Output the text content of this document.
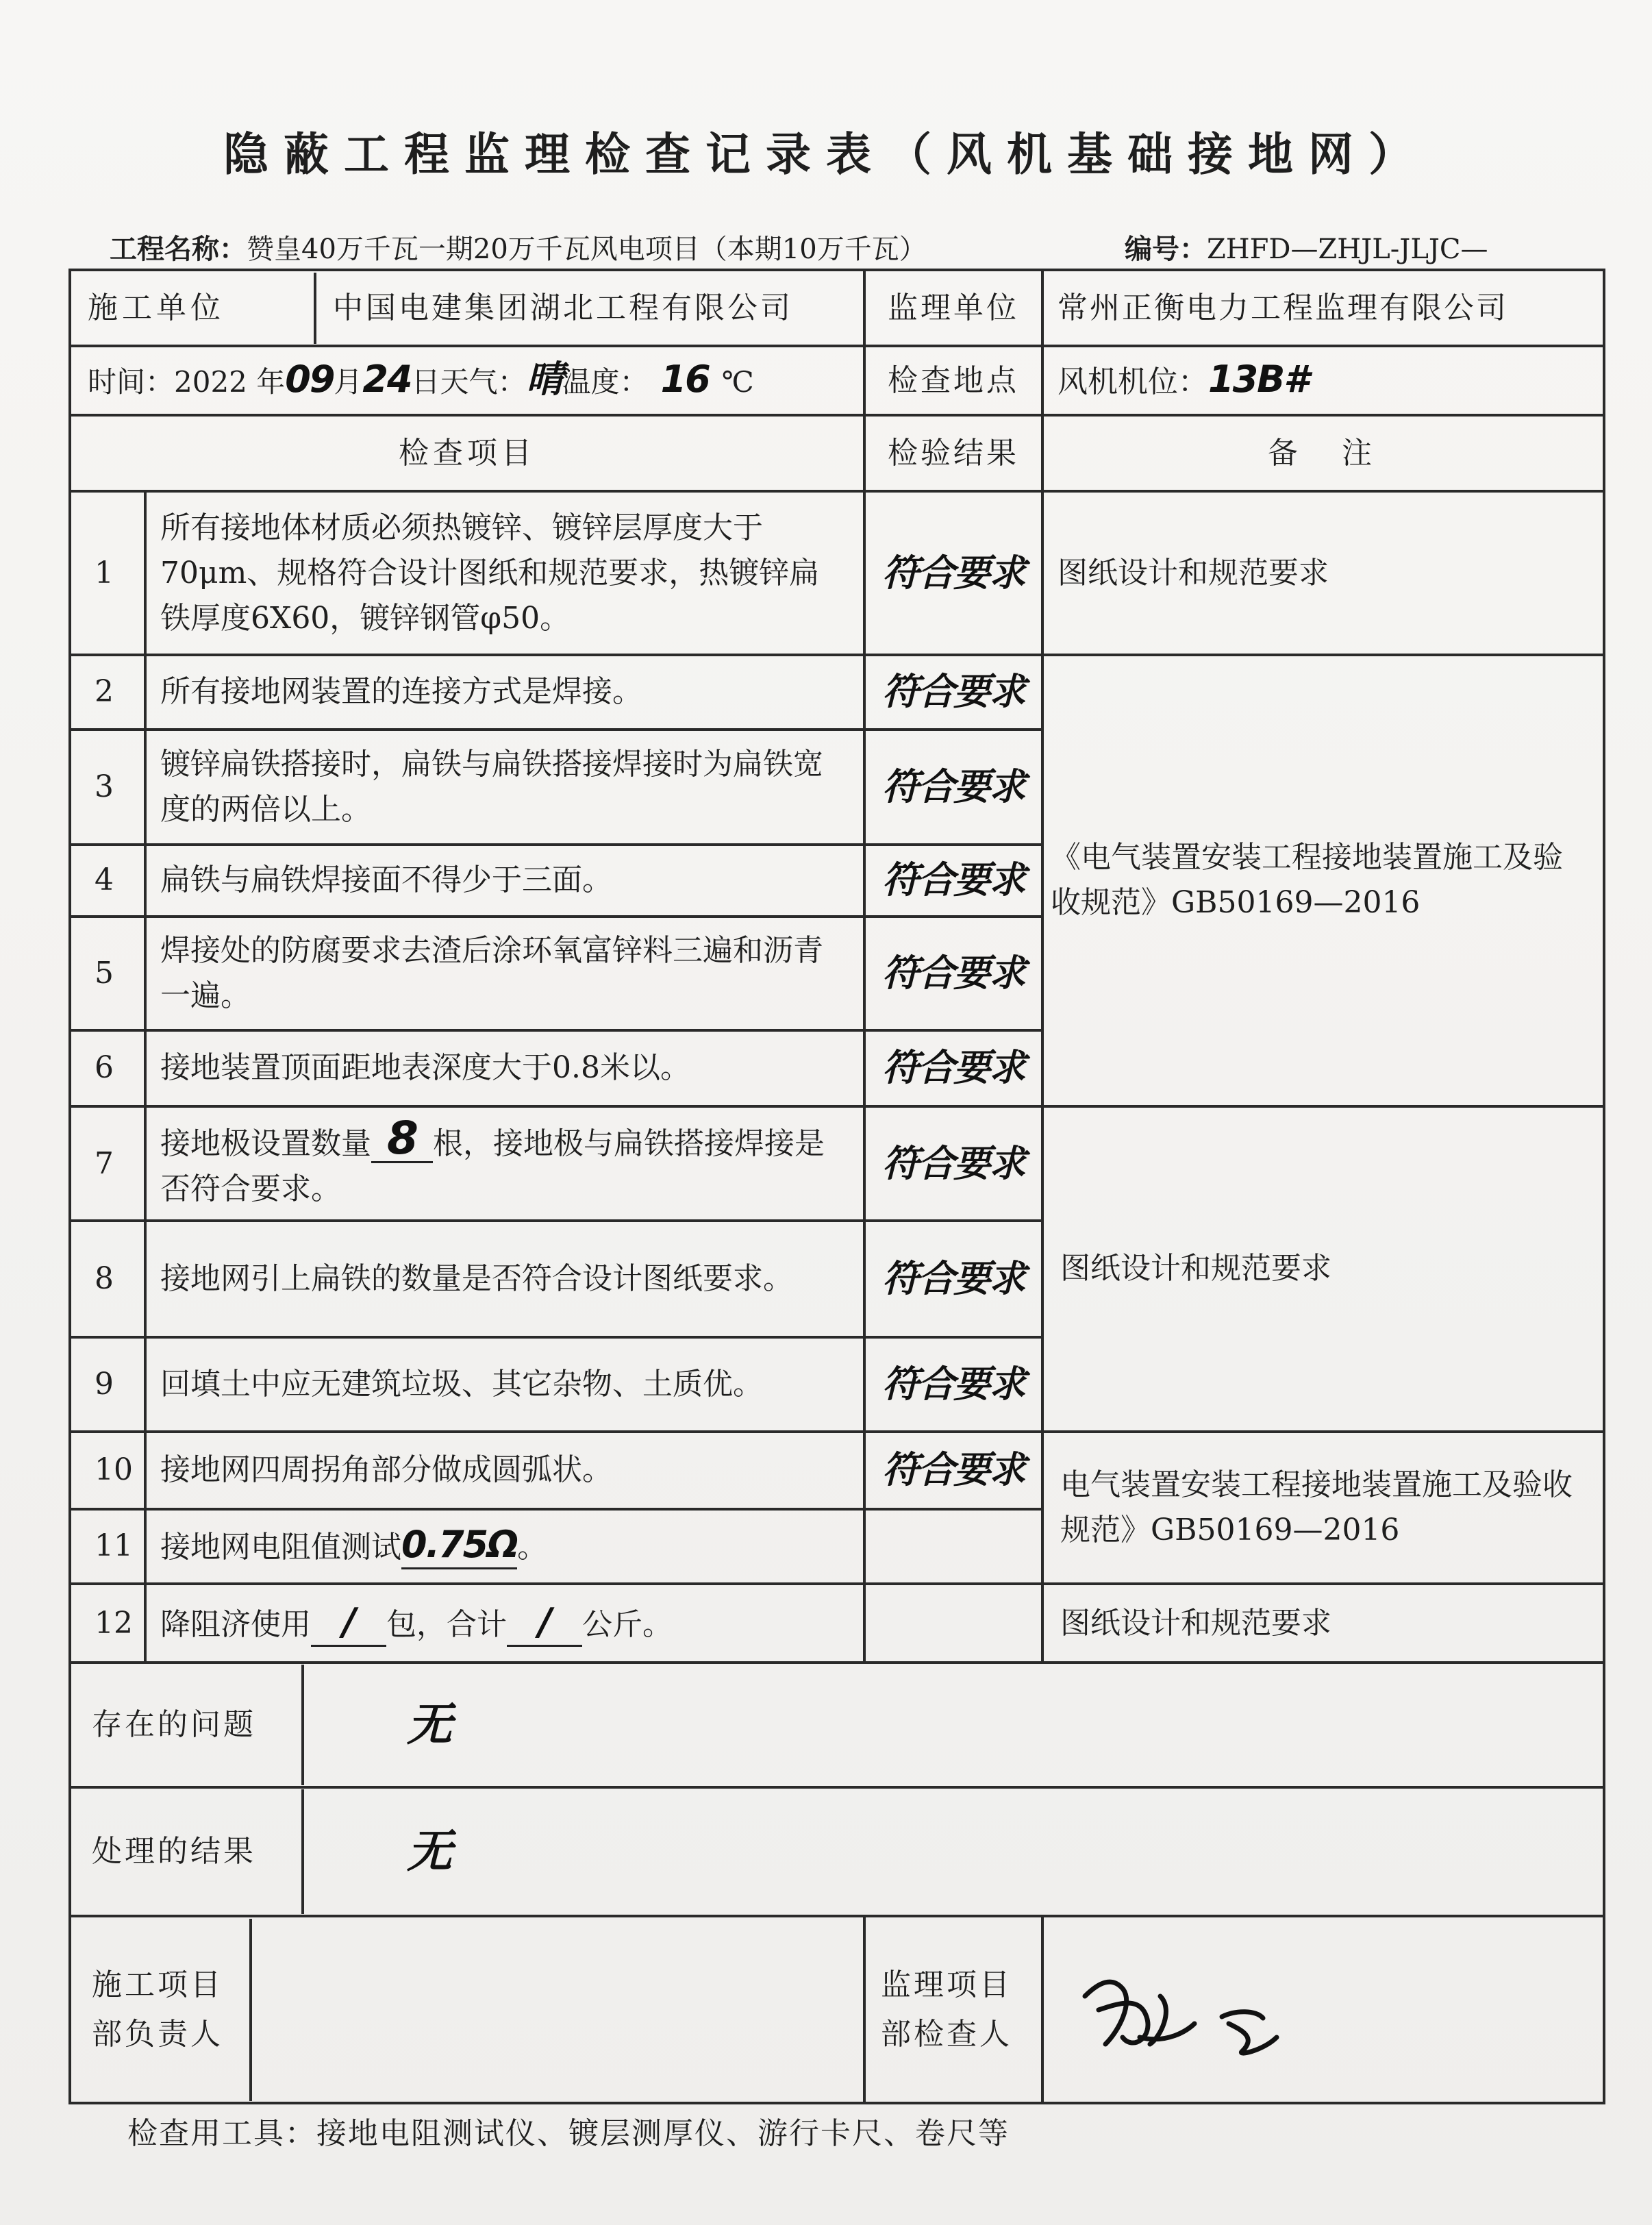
隐蔽工程监理检查记录表（风机基础接地网）
工程名称：赞皇40万千瓦一期20万千瓦风电项目（本期10万千瓦）	编号：ZHFD—ZHJL-JLJC—
施工单位 中国电建集团湖北工程有限公司		监理单位	常州正衡电力工程监理有限公司
时间：2022 年09月24日天气：晴温度： 16 ℃		检查地点	风机机位：13B#
检查项目		检验结果	备　注
1	所有接地体材质必须热镀锌、镀锌层厚度大于70μm、规格符合设计图纸和规范要求，热镀锌扁铁厚度6X60，镀锌钢管φ50。	符合要求	图纸设计和规范要求
2	所有接地网装置的连接方式是焊接。	符合要求	《电气装置安装工程接地装置施工及验收规范》GB50169—2016
3	镀锌扁铁搭接时，扁铁与扁铁搭接焊接时为扁铁宽度的两倍以上。	符合要求	
4	扁铁与扁铁焊接面不得少于三面。	符合要求	
5	焊接处的防腐要求去渣后涂环氧富锌料三遍和沥青一遍。	符合要求	
6	接地装置顶面距地表深度大于0.8米以。	符合要求	
7	接地极设置数量 8 根，接地极与扁铁搭接焊接是否符合要求。	符合要求	图纸设计和规范要求
8	接地网引上扁铁的数量是否符合设计图纸要求。	符合要求	
9	回填土中应无建筑垃圾、其它杂物、土质优。	符合要求	
10	接地网四周拐角部分做成圆弧状。	符合要求	电气装置安装工程接地装置施工及验收规范》GB50169—2016
11	接地网电阻值测试0.75Ω。		
12	降阻济使用 / 包，合计 / 公斤。		图纸设计和规范要求

存在的问题 无			

处理的结果 无			

施工项目部负责人		监理项目部检查人	
检查用工具：接地电阻测试仪、镀层测厚仪、游行卡尺、卷尺等
